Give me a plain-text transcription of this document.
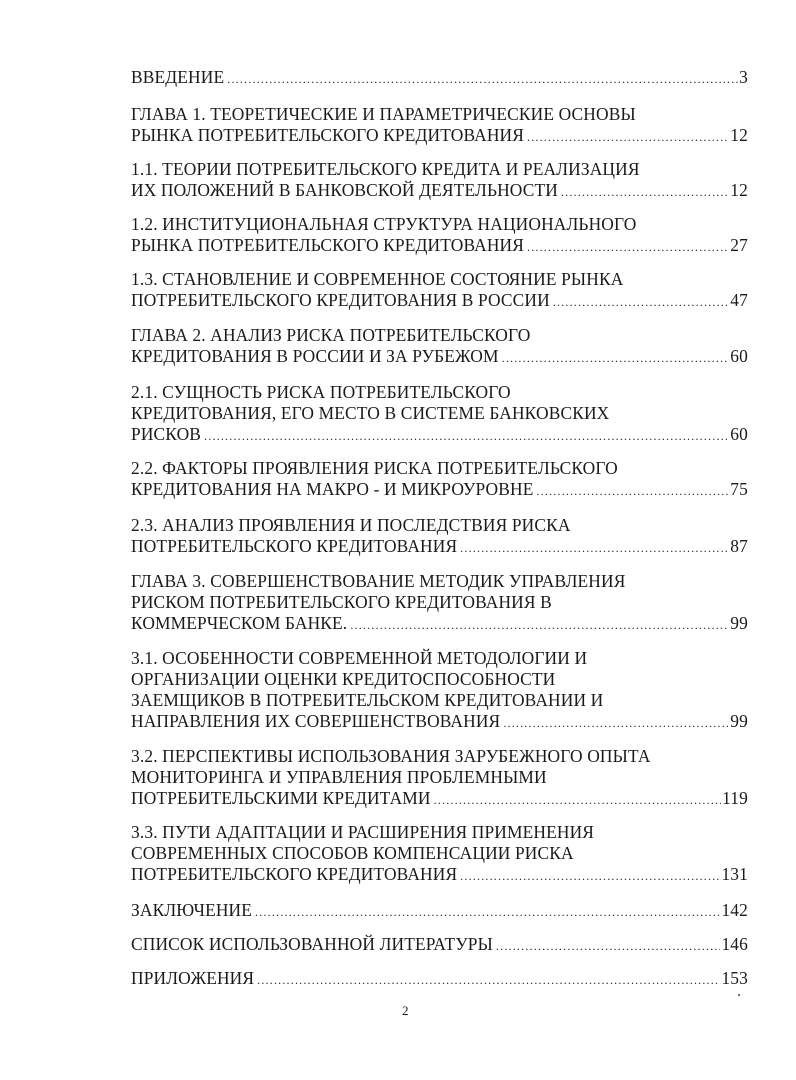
ВВЕДЕНИЕ .....	3
ГЛАВА 1. ТЕОРЕТИЧЕСКИЕ И ПАРАМЕТРИЧЕСКИЕ ОСНОВЫ
РЫНКА ПОТРЕБИТЕЛЬСКОГО КРЕДИТОВАНИЯ .....	12
1.1. ТЕОРИИ ПОТРЕБИТЕЛЬСКОГО КРЕДИТА И РЕАЛИЗАЦИЯ
ИХ ПОЛОЖЕНИЙ В БАНКОВСКОЙ ДЕЯТЕЛЬНОСТИ .....	12
1.2. ИНСТИТУЦИОНАЛЬНАЯ СТРУКТУРА НАЦИОНАЛЬНОГО
РЫНКА ПОТРЕБИТЕЛЬСКОГО КРЕДИТОВАНИЯ .....	27
1.3. СТАНОВЛЕНИЕ И СОВРЕМЕННОЕ СОСТОЯНИЕ РЫНКА
ПОТРЕБИТЕЛЬСКОГО КРЕДИТОВАНИЯ В РОССИИ .....	47
ГЛАВА 2. АНАЛИЗ РИСКА ПОТРЕБИТЕЛЬСКОГО
КРЕДИТОВАНИЯ В РОССИИ И ЗА РУБЕЖОМ .....	60
2.1. СУЩНОСТЬ РИСКА ПОТРЕБИТЕЛЬСКОГО
КРЕДИТОВАНИЯ, ЕГО МЕСТО В СИСТЕМЕ БАНКОВСКИХ
РИСКОВ .....	60
2.2. ФАКТОРЫ ПРОЯВЛЕНИЯ РИСКА ПОТРЕБИТЕЛЬСКОГО
КРЕДИТОВАНИЯ НА МАКРО - И МИКРОУРОВНЕ .....	75
2.3. АНАЛИЗ ПРОЯВЛЕНИЯ И ПОСЛЕДСТВИЯ РИСКА
ПОТРЕБИТЕЛЬСКОГО КРЕДИТОВАНИЯ .....	87
ГЛАВА 3. СОВЕРШЕНСТВОВАНИЕ МЕТОДИК УПРАВЛЕНИЯ
РИСКОМ ПОТРЕБИТЕЛЬСКОГО КРЕДИТОВАНИЯ В
КОММЕРЧЕСКОМ БАНКЕ. .....	99
3.1. ОСОБЕННОСТИ СОВРЕМЕННОЙ МЕТОДОЛОГИИ И
ОРГАНИЗАЦИИ ОЦЕНКИ КРЕДИТОСПОСОБНОСТИ
ЗАЕМЩИКОВ В ПОТРЕБИТЕЛЬСКОМ КРЕДИТОВАНИИ И
НАПРАВЛЕНИЯ ИХ СОВЕРШЕНСТВОВАНИЯ .....	99
3.2. ПЕРСПЕКТИВЫ ИСПОЛЬЗОВАНИЯ ЗАРУБЕЖНОГО ОПЫТА
МОНИТОРИНГА И УПРАВЛЕНИЯ ПРОБЛЕМНЫМИ
ПОТРЕБИТЕЛЬСКИМИ КРЕДИТАМИ .....	119
3.3. ПУТИ АДАПТАЦИИ И РАСШИРЕНИЯ ПРИМЕНЕНИЯ
СОВРЕМЕННЫХ СПОСОБОВ КОМПЕНСАЦИИ РИСКА
ПОТРЕБИТЕЛЬСКОГО КРЕДИТОВАНИЯ .....	131
ЗАКЛЮЧЕНИЕ .....	142
СПИСОК ИСПОЛЬЗОВАННОЙ ЛИТЕРАТУРЫ .....	146
ПРИЛОЖЕНИЯ .....	153
2
